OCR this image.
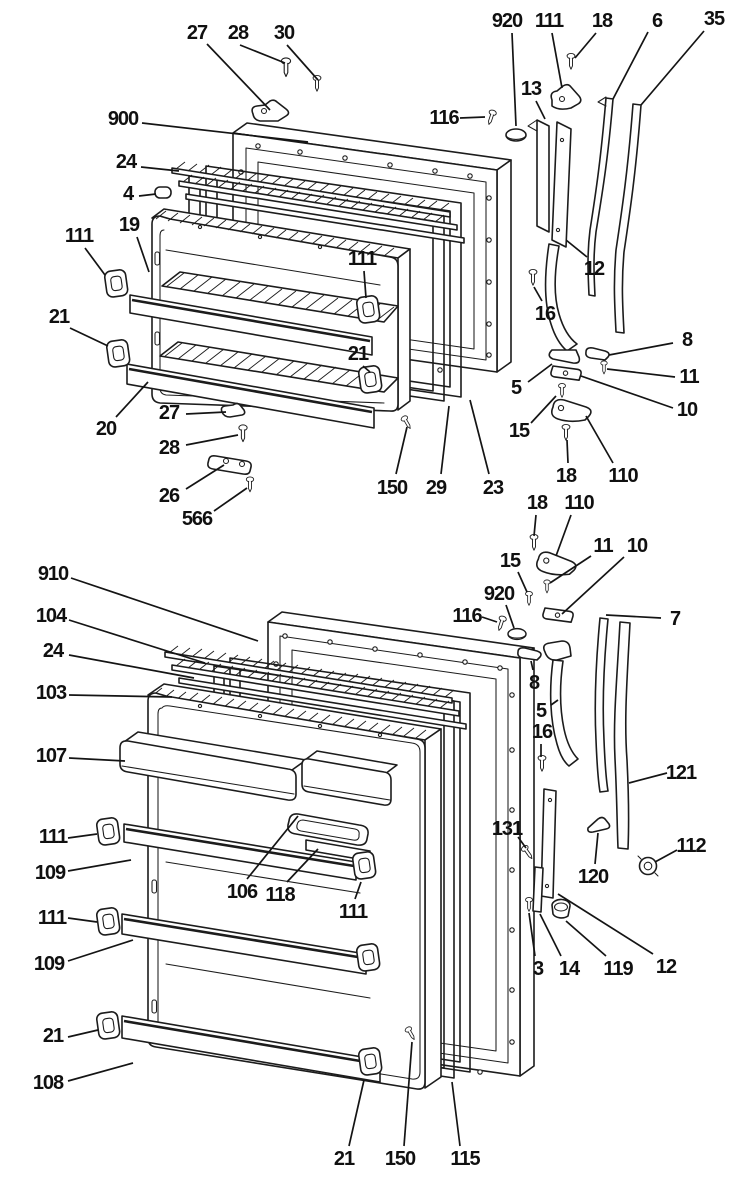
27 28 30
920 111 18 6 35
116
13
900
24
4
19
111
21
12
16
111
21
5
8
11
10
15
18 110
20
27
28
26
566
150 29 23
18 110
15
11 10
920
116	7
8
5
16
121
112
131
120
3 14 119 12
910
104
24
103
107
111
109
111
109
106 118
111
21
108
21 150 115
